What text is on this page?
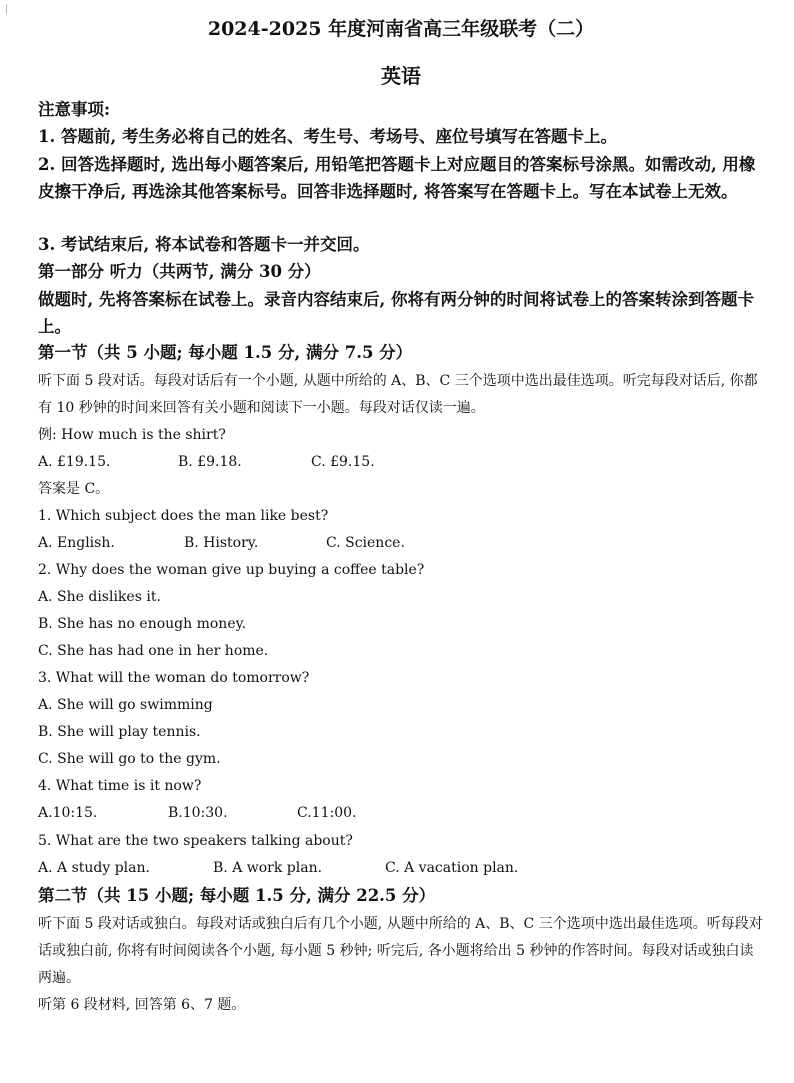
2024-2025 年度河南省高三年级联考（二）
英语
注意事项:
1. 答题前, 考生务必将自己的姓名、考生号、考场号、座位号填写在答题卡上。
2. 回答选择题时, 选出每小题答案后, 用铅笔把答题卡上对应题目的答案标号涂黑。如需改动, 用橡皮擦干净后, 再选涂其他答案标号。回答非选择题时, 将答案写在答题卡上。写在本试卷上无效。
3. 考试结束后, 将本试卷和答题卡一并交回。
第一部分 听力（共两节, 满分 30 分）
做题时, 先将答案标在试卷上。录音内容结束后, 你将有两分钟的时间将试卷上的答案转涂到答题卡上。
第一节（共 5 小题; 每小题 1.5 分, 满分 7.5 分）
听下面 5 段对话。每段对话后有一个小题, 从题中所给的 A、B、C 三个选项中选出最佳选项。听完每段对话后, 你都有 10 秒钟的时间来回答有关小题和阅读下一小题。每段对话仅读一遍。
例: How much is the shirt?
A. £19.15.	B. £9.18.	C. £9.15.
答案是 C。
1. Which subject does the man like best?
A. English.	B. History.	C. Science.
2. Why does the woman give up buying a coffee table?
A. She dislikes it.
B. She has no enough money.
C. She has had one in her home.
3. What will the woman do tomorrow?
A. She will go swimming
B. She will play tennis.
C. She will go to the gym.
4. What time is it now?
A.10:15.	B.10:30.	C.11:00.
5. What are the two speakers talking about?
A. A study plan.	B. A work plan.	C. A vacation plan.
第二节（共 15 小题; 每小题 1.5 分, 满分 22.5 分）
听下面 5 段对话或独白。每段对话或独白后有几个小题, 从题中所给的 A、B、C 三个选项中选出最佳选项。听每段对话或独白前, 你将有时间阅读各个小题, 每小题 5 秒钟; 听完后, 各小题将给出 5 秒钟的作答时间。每段对话或独白读两遍。
听第 6 段材料, 回答第 6、7 题。
